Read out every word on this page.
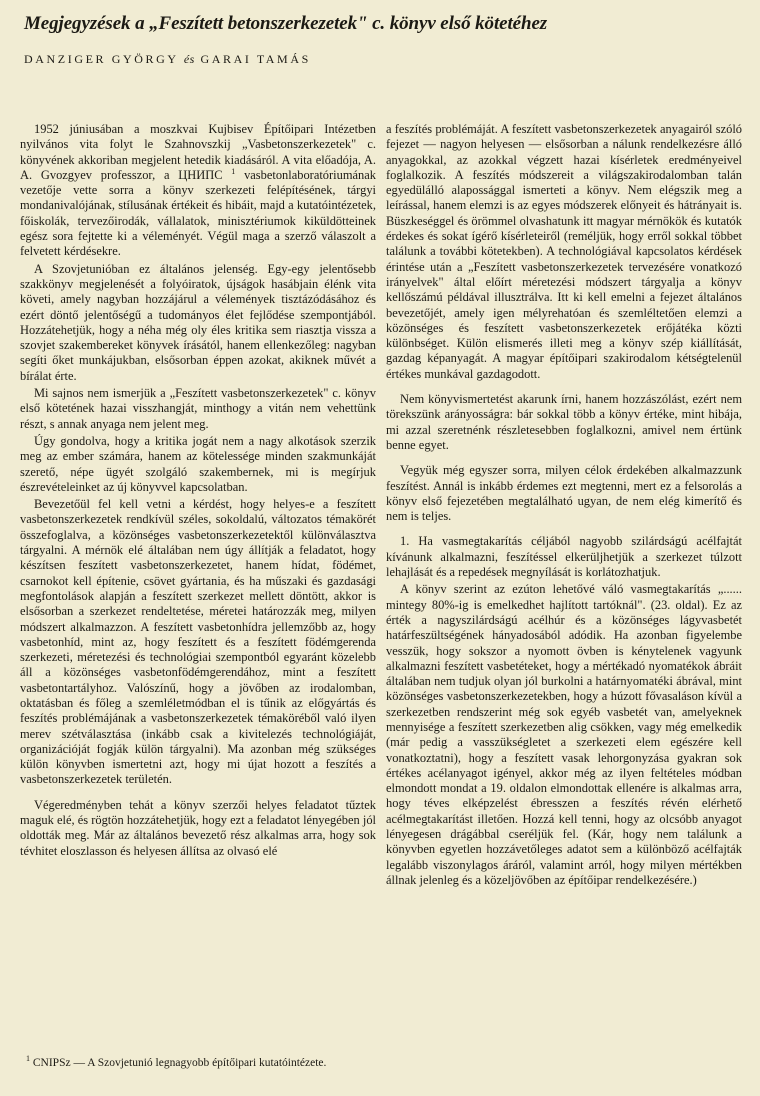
Megjegyzések a „Feszített betonszerkezetek" c. könyv első kötetéhez
DANZIGER GYÖRGY és GARAI TAMÁS

1952 júniusában a moszkvai Kujbisev Építőipari Intézetben nyilvános vita folyt le Szahnovszkij „Vasbetonszerkezetek" c. könyvének akkoriban megjelent hetedik kiadásáról. A vita előadója, A. A. Gvozgyev professzor, a ЦНИПС $^1$ vasbetonlaboratóriumának vezetője vette sorra a könyv szerkezeti felépítésének, tárgyi mondanivalójának, stílusának értékeit és hibáit, majd a kutatóintézetek, főiskolák, tervezőirodák, vállalatok, minisztériumok kiküldötteinek egész sora fejtette ki a véleményét. Végül maga a szerző válaszolt a felvetett kérdésekre.

A Szovjetunióban ez általános jelenség. Egy-egy jelentősebb szakkönyv megjelenését a folyóiratok, újságok hasábjain élénk vita követi, amely nagyban hozzájárul a vélemények tisztázódásához és ezért döntő jelentőségű a tudományos élet fejlődése szempontjából. Hozzátehetjük, hogy a néha még oly éles kritika sem riasztja vissza a szovjet szakembereket könyvek írásától, hanem ellenkezőleg: nagyban segíti őket munkájukban, elsősorban éppen azokat, akiknek művét a bírálat érte.

Mi sajnos nem ismerjük a „Feszített vasbetonszerkezetek" c. könyv első kötetének hazai visszhangját, minthogy a vitán nem vehettünk részt, s annak anyaga nem jelent meg.

Úgy gondolva, hogy a kritika jogát nem a nagy alkotások szerzik meg az ember számára, hanem az kötelessége minden szakmunkáját szerető, népe ügyét szolgáló szakembernek, mi is megírjuk észrevételeinket az új könyvvel kapcsolatban.

Bevezetőül fel kell vetni a kérdést, hogy helyes-e a feszített vasbetonszerkezetek rendkívül széles, sokoldalú, változatos témakörét összefoglalva, a közönséges vasbetonszerkezetektől különválasztva tárgyalni. A mérnök elé általában nem úgy állítják a feladatot, hogy készítsen feszített vasbetonszerkezetet, hanem hídat, födémet, csarnokot kell építenie, csövet gyártania, és ha műszaki és gazdasági megfontolások alapján a feszített szerkezet mellett döntött, akkor is elsősorban a szerkezet rendeltetése, méretei határozzák meg, milyen módszert alkalmazzon. A feszített vasbetonhídra jellemzőbb az, hogy vasbetonhíd, mint az, hogy feszített és a feszített födémgerenda szerkezeti, méretezési és technológiai szempontból egyaránt közelebb áll a közönséges vasbetonfödémgerendához, mint a feszített vasbetontartályhoz. Valószínű, hogy a jövőben az irodalomban, oktatásban és főleg a szemléletmódban el is tűnik az előgyártás és feszítés problémájának a vasbetonszerkezetek témaköréből való ilyen merev szétválasztása (inkább csak a kivitelezés technológiáját, organizációját fogják külön tárgyalni). Ma azonban még szükséges külön könyvben ismertetni azt, hogy mi újat hozott a feszítés a vasbetonszerkezetek területén.

Végeredményben tehát a könyv szerzői helyes feladatot tűztek maguk elé, és rögtön hozzátehetjük, hogy ezt a feladatot lényegében jól oldották meg. Már az általános bevezető rész alkalmas arra, hogy sok tévhitet eloszlasson és helyesen állítsa az olvasó elé

a feszítés problémáját. A feszített vasbetonszerkezetek anyagairól szóló fejezet — nagyon helyesen — elsősorban a nálunk rendelkezésre álló anyagokkal, az azokkal végzett hazai kísérletek eredményeivel foglalkozik. A feszítés módszereit a világszakirodalomban talán egyedülálló alapossággal ismerteti a könyv. Nem elégszik meg a leírással, hanem elemzi is az egyes módszerek előnyeit és hátrányait is. Büszkeséggel és örömmel olvashatunk itt magyar mérnökök és kutatók érdekes és sokat ígérő kísérleteiről (reméljük, hogy erről sokkal többet találunk a további kötetekben). A technológiával kapcsolatos kérdések érintése után a „Feszített vasbetonszerkezetek tervezésére vonatkozó irányelvek" által előírt méretezési módszert tárgyalja a könyv kellőszámú példával illusztrálva. Itt ki kell emelni a fejezet általános bevezetőjét, amely igen mélyrehatóan és szemléltetően elemzi a közönséges és feszített vasbetonszerkezetek erőjátéka közti különbséget. Külön elismerés illeti meg a könyv szép kiállítását, gazdag képanyagát. A magyar építőipari szakirodalom kétségtelenül értékes munkával gazdagodott.

Nem könyvismertetést akarunk írni, hanem hozzászólást, ezért nem törekszünk arányosságra: bár sokkal több a könyv értéke, mint hibája, mi azzal szeretnénk részletesebben foglalkozni, amivel nem értünk benne egyet.

Vegyük még egyszer sorra, milyen célok érdekében alkalmazzunk feszítést. Annál is inkább érdemes ezt megtenni, mert ez a felsorolás a könyv első fejezetében megtalálható ugyan, de nem elég kimerítő és nem is teljes.

1. Ha vasmegtakarítás céljából nagyobb szilárdságú acélfajtát kívánunk alkalmazni, feszítéssel elkerüljhetjük a szerkezet túlzott lehajlását és a repedések megnyílását is korlátozhatjuk.

A könyv szerint az ezúton lehetővé váló vasmegtakarítás „...... mintegy 80%-ig is emelkedhet hajlított tartóknál". (23. oldal). Ez az érték a nagyszilárdságú acélhúr és a közönséges lágyvasbetét határfeszültségének hányadosából adódik. Ha azonban figyelembe vesszük, hogy sokszor a nyomott övben is kénytelenek vagyunk alkalmazni feszített vasbetéteket, hogy a mértékadó nyomatékok ábráit általában nem tudjuk olyan jól burkolni a határnyomatéki ábrával, mint közönséges vasbetonszerkezetekben, hogy a húzott fővasaláson kívül a szerkezetben rendszerint még sok egyéb vasbetét van, amelyeknek mennyisége a feszített szerkezetben alig csökken, vagy még emelkedik (már pedig a vasszükségletet a szerkezeti elem egészére kell vonatkoztatni), hogy a feszített vasak lehorgonyzása gyakran sok értékes acélanyagot igényel, akkor még az ilyen feltételes módban elmondott mondat a 19. oldalon elmondottak ellenére is alkalmas arra, hogy téves elképzelést ébresszen a feszítés révén elérhető acélmegtakarítást illetően. Hozzá kell tenni, hogy az olcsóbb anyagot lényegesen drágábbal cseréljük fel. (Kár, hogy nem találunk a könyvben egyetlen hozzávetőleges adatot sem a különböző acélfajták legalább viszonylagos áráról, valamint arról, hogy milyen mértékben állnak jelenleg és a közeljövőben az építőipar rendelkezésére.)

$^1$ CNIPSz — A Szovjetunió legnagyobb építőipari kutatóintézete.
